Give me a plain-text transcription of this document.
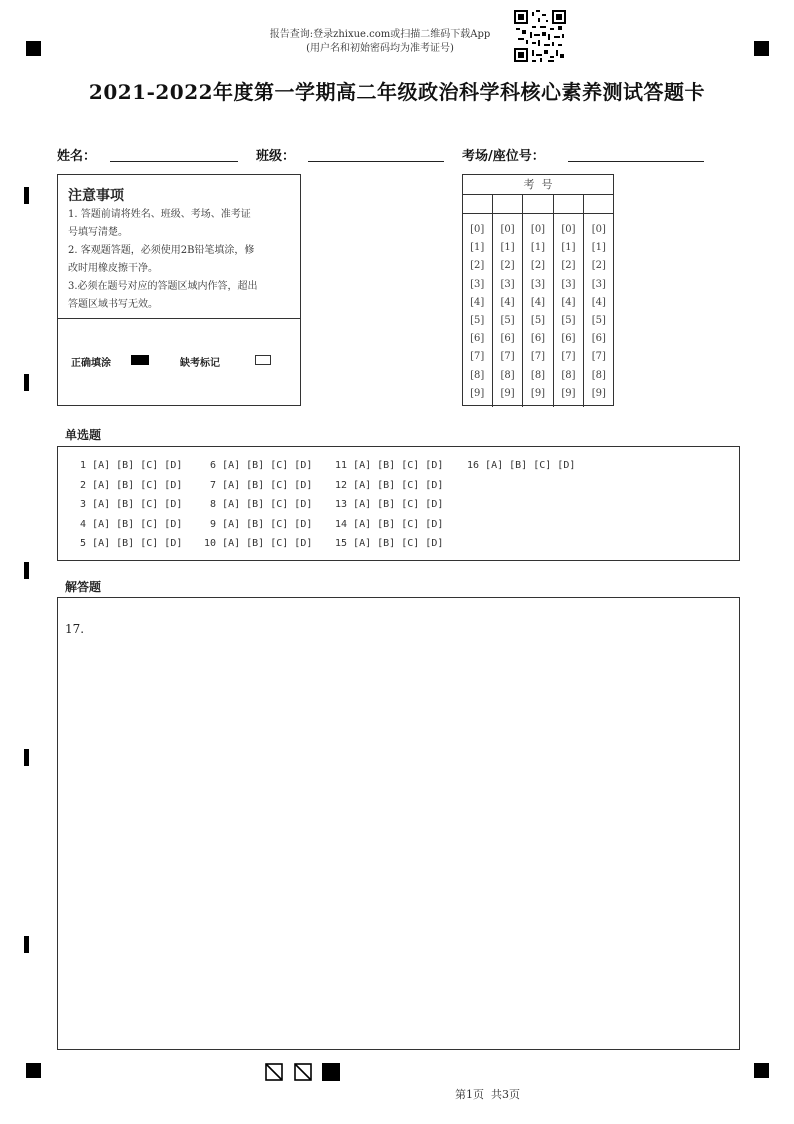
报告查询:登录zhixue.com或扫描二维码下载App
(用户名和初始密码均为准考证号)
2021-2022年度第一学期高二年级政治科学科核心素养测试答题卡
姓名：	班级：	考场/座位号：
注意事项
1. 答题前请将姓名、班级、考场、准考证
号填写清楚。
2. 客观题答题，必须使用2B铅笔填涂，修
改时用橡皮擦干净。
3.必须在题号对应的答题区域内作答，超出
答题区域书写无效。
正确填涂	缺考标记
考  号
[0]	[0]	[0]	[0]	[0]
[1]	[1]	[1]	[1]	[1]
[2]	[2]	[2]	[2]	[2]
[3]	[3]	[3]	[3]	[3]
[4]	[4]	[4]	[4]	[4]
[5]	[5]	[5]	[5]	[5]
[6]	[6]	[6]	[6]	[6]
[7]	[7]	[7]	[7]	[7]
[8]	[8]	[8]	[8]	[8]
[9]	[9]	[9]	[9]	[9]
单选题
1 [A] [B] [C] [D]
2 [A] [B] [C] [D]
3 [A] [B] [C] [D]
4 [A] [B] [C] [D]
5 [A] [B] [C] [D]
6 [A] [B] [C] [D]
7 [A] [B] [C] [D]
8 [A] [B] [C] [D]
9 [A] [B] [C] [D]
10 [A] [B] [C] [D]
11 [A] [B] [C] [D]
12 [A] [B] [C] [D]
13 [A] [B] [C] [D]
14 [A] [B] [C] [D]
15 [A] [B] [C] [D]
16 [A] [B] [C] [D]
解答题
17.
第1页  共3页
